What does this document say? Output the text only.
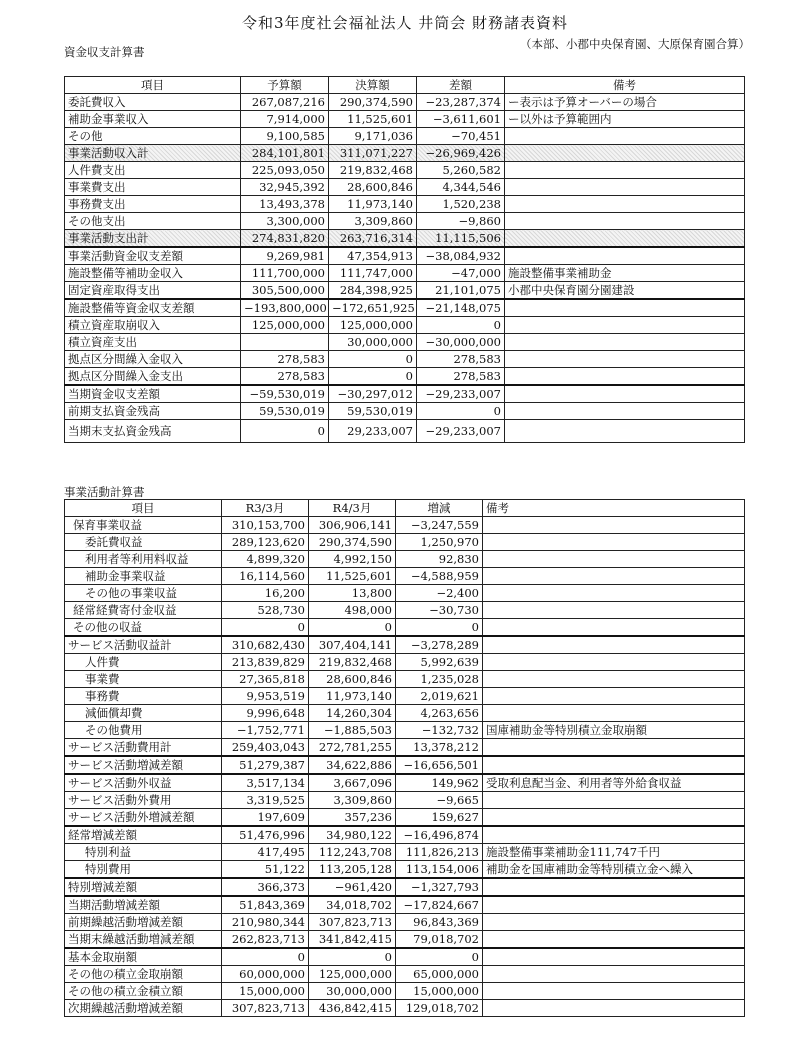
令和3年度社会福祉法人 井筒会 財務諸表資料
（本部、小郡中央保育園、大原保育園合算）
資金収支計算書
項目	予算額	決算額	差額	備考
委託費収入	267,087,216	290,374,590	−23,287,374	ー表示は予算オーバーの場合
補助金事業収入	7,914,000	11,525,601	−3,611,601	ー以外は予算範囲内
その他	9,100,585	9,171,036	−70,451	
事業活動収入計	284,101,801	311,071,227	−26,969,426	
人件費支出	225,093,050	219,832,468	5,260,582	
事業費支出	32,945,392	28,600,846	4,344,546	
事務費支出	13,493,378	11,973,140	1,520,238	
その他支出	3,300,000	3,309,860	−9,860	
事業活動支出計	274,831,820	263,716,314	11,115,506	
事業活動資金収支差額	9,269,981	47,354,913	−38,084,932	
施設整備等補助金収入	111,700,000	111,747,000	−47,000	施設整備事業補助金
固定資産取得支出	305,500,000	284,398,925	21,101,075	小郡中央保育園分園建設
施設整備等資金収支差額	−193,800,000	−172,651,925	−21,148,075	
積立資産取崩収入	125,000,000	125,000,000	0	
積立資産支出		30,000,000	−30,000,000	
拠点区分間繰入金収入	278,583	0	278,583	
拠点区分間繰入金支出	278,583	0	278,583	
当期資金収支差額	−59,530,019	−30,297,012	−29,233,007	
前期支払資金残高	59,530,019	59,530,019	0	
当期末支払資金残高	0	29,233,007	−29,233,007	
事業活動計算書
項目	R3/3月	R4/3月	増減	備考
保育事業収益	310,153,700	306,906,141	−3,247,559	
委託費収益	289,123,620	290,374,590	1,250,970	
利用者等利用料収益	4,899,320	4,992,150	92,830	
補助金事業収益	16,114,560	11,525,601	−4,588,959	
その他の事業収益	16,200	13,800	−2,400	
経常経費寄付金収益	528,730	498,000	−30,730	
その他の収益	0	0	0	
サービス活動収益計	310,682,430	307,404,141	−3,278,289	
人件費	213,839,829	219,832,468	5,992,639	
事業費	27,365,818	28,600,846	1,235,028	
事務費	9,953,519	11,973,140	2,019,621	
減価償却費	9,996,648	14,260,304	4,263,656	
その他費用	−1,752,771	−1,885,503	−132,732	国庫補助金等特別積立金取崩額
サービス活動費用計	259,403,043	272,781,255	13,378,212	
サービス活動増減差額	51,279,387	34,622,886	−16,656,501	
サービス活動外収益	3,517,134	3,667,096	149,962	受取利息配当金、利用者等外給食収益
サービス活動外費用	3,319,525	3,309,860	−9,665	
サービス活動外増減差額	197,609	357,236	159,627	
経常増減差額	51,476,996	34,980,122	−16,496,874	
特別利益	417,495	112,243,708	111,826,213	施設整備事業補助金111,747千円
特別費用	51,122	113,205,128	113,154,006	補助金を国庫補助金等特別積立金へ繰入
特別増減差額	366,373	−961,420	−1,327,793	
当期活動増減差額	51,843,369	34,018,702	−17,824,667	
前期繰越活動増減差額	210,980,344	307,823,713	96,843,369	
当期末繰越活動増減差額	262,823,713	341,842,415	79,018,702	
基本金取崩額	0	0	0	
その他の積立金取崩額	60,000,000	125,000,000	65,000,000	
その他の積立金積立額	15,000,000	30,000,000	15,000,000	
次期繰越活動増減差額	307,823,713	436,842,415	129,018,702	
